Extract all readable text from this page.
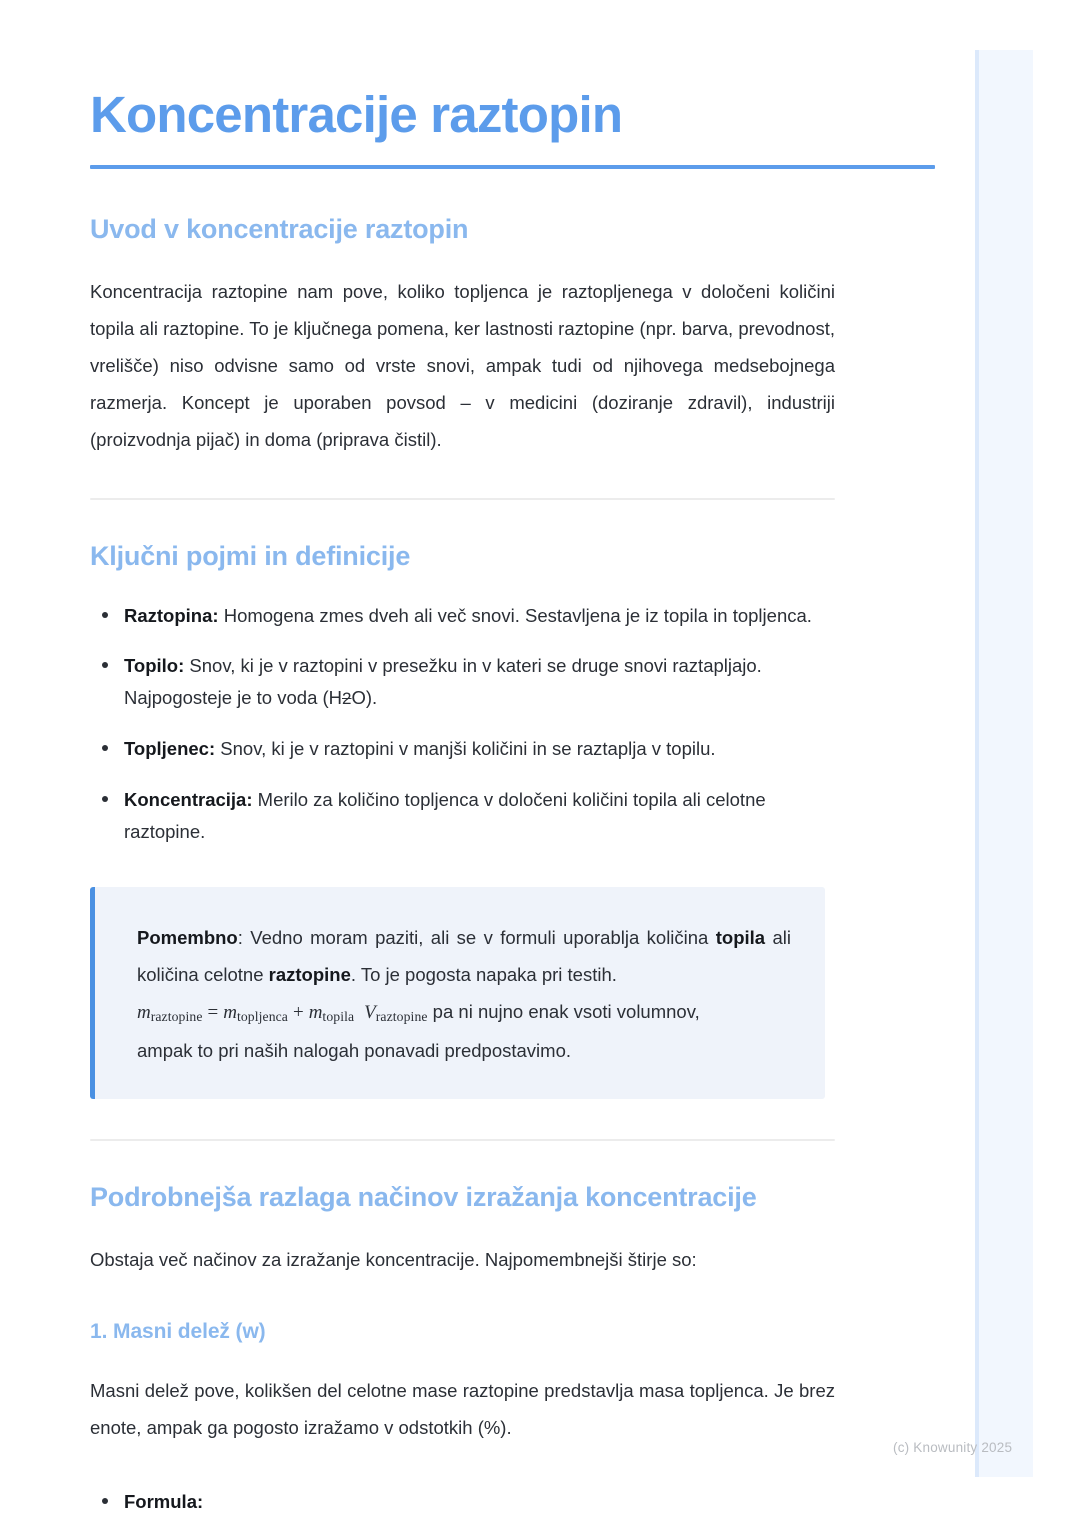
(c) Knowunity 2025
Koncentracije raztopin
Uvod v koncentracije raztopin

Koncentracija raztopine nam pove, koliko topljenca je raztopljenega v določeni količini topila ali raztopine. To je ključnega pomena, ker lastnosti raztopine (npr. barva, prevodnost, vrelišče) niso odvisne samo od vrste snovi, ampak tudi od njihovega medsebojnega razmerja. Koncept je uporaben povsod – v medicini (doziranje zdravil), industriji (proizvodnja pijač) in doma (priprava čistil).

Ključni pojmi in definicije
Raztopina: Homogena zmes dveh ali več snovi. Sestavljena je iz topila in topljenca.
Topilo: Snov, ki je v raztopini v presežku in v kateri se druge snovi raztapljajo. Najpogosteje je to voda (H2O).
Topljenec: Snov, ki je v raztopini v manjši količini in se raztaplja v topilu.
Koncentracija: Merilo za količino topljenca v določeni količini topila ali celotne raztopine.

Pomembno: Vedno moram paziti, ali se v formuli uporablja količina topila ali količina celotne raztopine. To je pogosta napaka pri testih.

mraztopine = mtopljenca + mtopila Vraztopine pa ni nujno enak vsoti volumnov,

ampak to pri naših nalogah ponavadi predpostavimo.

Podrobnejša razlaga načinov izražanja koncentracije

Obstaja več načinov za izražanje koncentracije. Najpomembnejši štirje so:

1. Masni delež (w)

Masni delež pove, kolikšen del celotne mase raztopine predstavlja masa topljenca. Je brez enote, ampak ga pogosto izražamo v odstotkih (%).

Formula:
